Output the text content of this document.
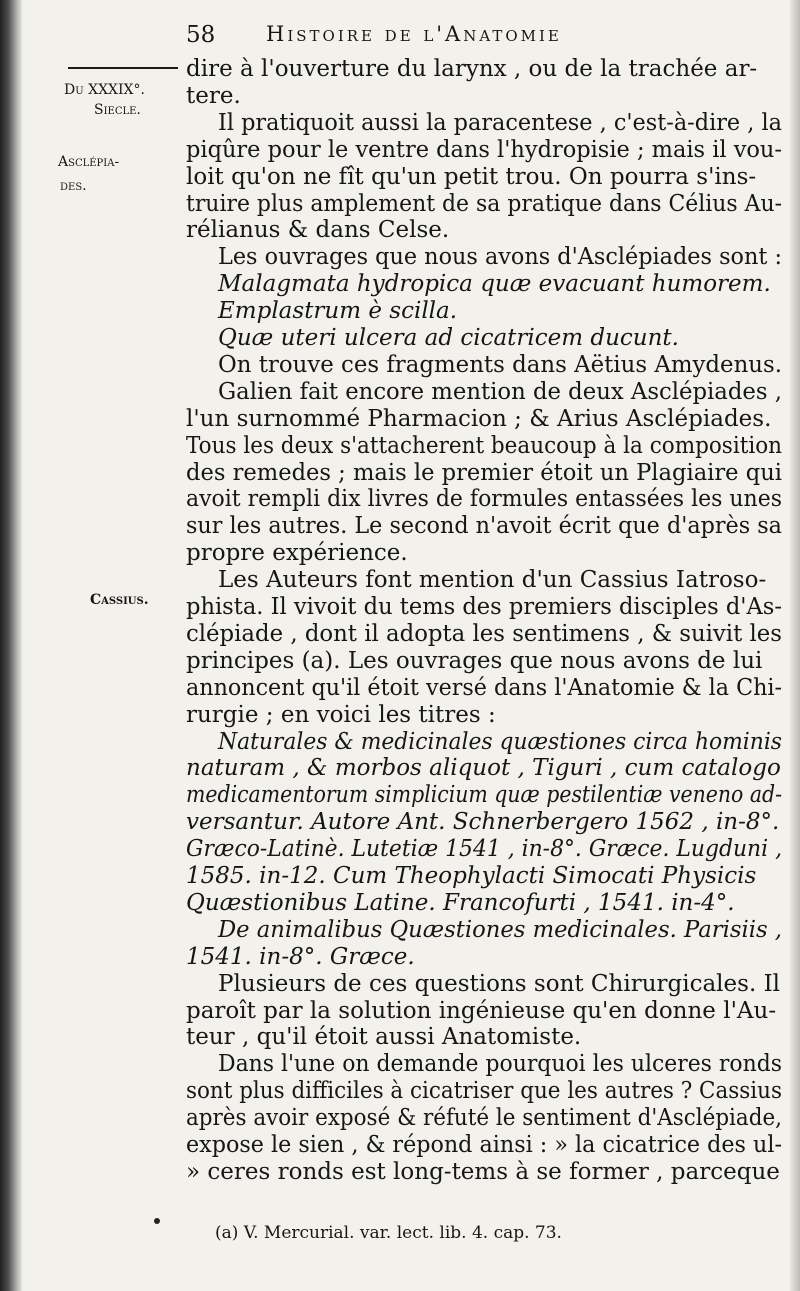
58 Histoire de l'Anatomie
Du XXXIX°.
Siecle.
Asclépia-
des.
Cassius.
dire à l'ouverture du larynx , ou de la trachée ar-
tere.
Il pratiquoit aussi la paracentese , c'est-à-dire , la
piqûre pour le ventre dans l'hydropisie ; mais il vou-
loit qu'on ne fît qu'un petit trou. On pourra s'ins-
truire plus amplement de sa pratique dans Célius Au-
rélianus & dans Celse.
Les ouvrages que nous avons d'Asclépiades sont :
Malagmata hydropica quæ evacuant humorem.
Emplastrum è scilla.
Quæ uteri ulcera ad cicatricem ducunt.
On trouve ces fragments dans Aëtius Amydenus.
Galien fait encore mention de deux Asclépiades ,
l'un surnommé Pharmacion ; & Arius Asclépiades.
Tous les deux s'attacherent beaucoup à la composition
des remedes ; mais le premier étoit un Plagiaire qui
avoit rempli dix livres de formules entassées les unes
sur les autres. Le second n'avoit écrit que d'après sa
propre expérience.
Les Auteurs font mention d'un Cassius Iatroso-
phista. Il vivoit du tems des premiers disciples d'As-
clépiade , dont il adopta les sentimens , & suivit les
principes (a). Les ouvrages que nous avons de lui
annoncent qu'il étoit versé dans l'Anatomie & la Chi-
rurgie ; en voici les titres :
Naturales & medicinales quæstiones circa hominis
naturam , & morbos aliquot , Tiguri , cum catalogo
medicamentorum simplicium quæ pestilentiæ veneno ad-
versantur. Autore Ant. Schnerbergero 1562 , in-8°.
Græco-Latinè. Lutetiæ 1541 , in-8°. Græce. Lugduni ,
1585. in-12. Cum Theophylacti Simocati Physicis
Quæstionibus Latine. Francofurti , 1541. in-4°.
De animalibus Quæstiones medicinales. Parisiis ,
1541. in-8°. Græce.
Plusieurs de ces questions sont Chirurgicales. Il
paroît par la solution ingénieuse qu'en donne l'Au-
teur , qu'il étoit aussi Anatomiste.
Dans l'une on demande pourquoi les ulceres ronds
sont plus difficiles à cicatriser que les autres ? Cassius
après avoir exposé & réfuté le sentiment d'Asclépiade,
expose le sien , & répond ainsi : » la cicatrice des ul-
» ceres ronds est long-tems à se former , parceque
(a) V. Mercurial. var. lect. lib. 4. cap. 73.
